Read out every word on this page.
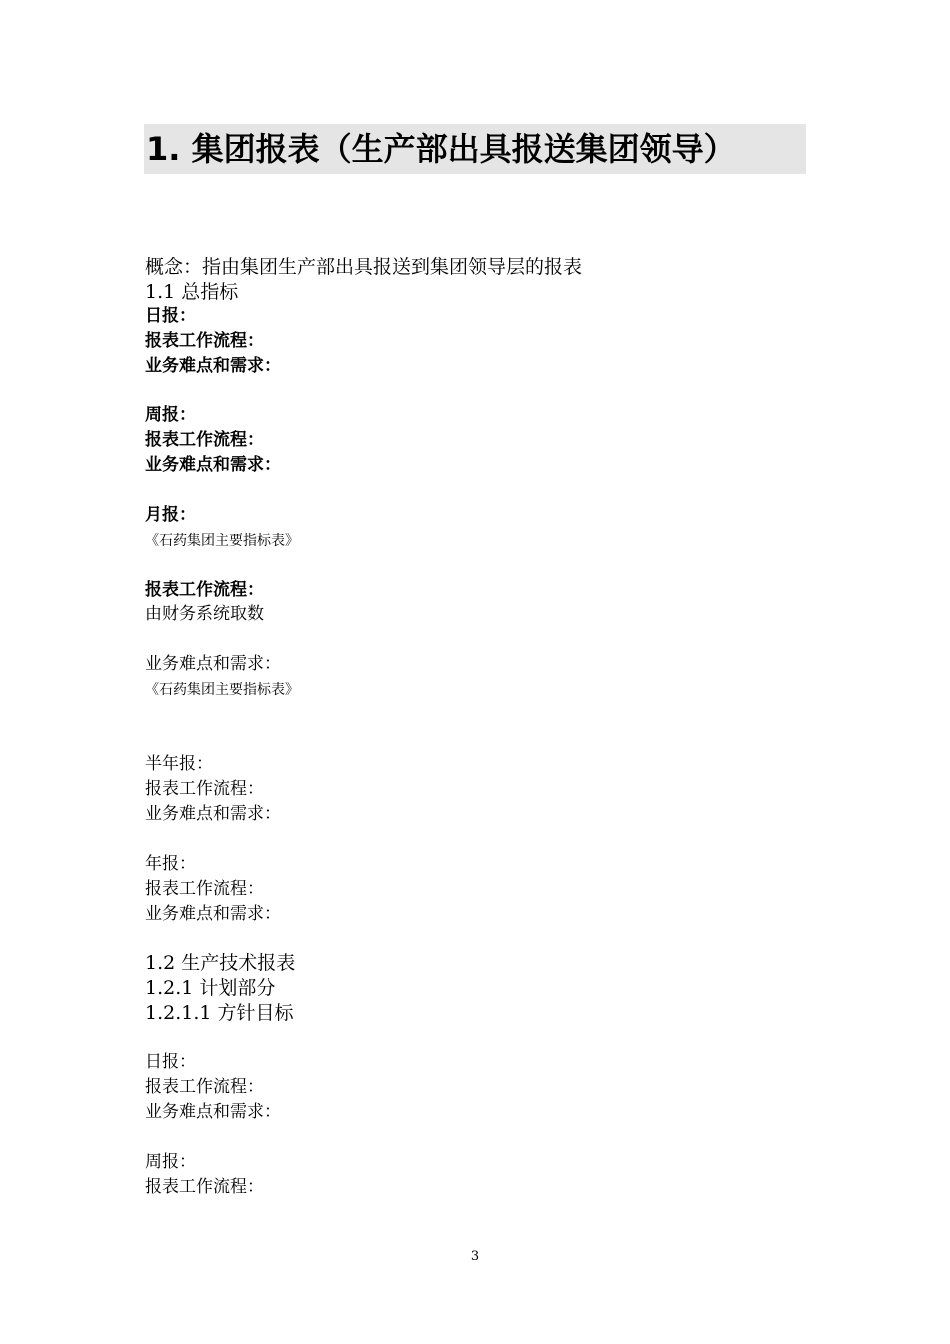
1. 集团报表（生产部出具报送集团领导）
概念：指由集团生产部出具报送到集团领导层的报表
1.1 总指标
日报：
报表工作流程：
业务难点和需求：
周报：
报表工作流程：
业务难点和需求：
月报：
《石药集团主要指标表》
报表工作流程：
由财务系统取数
业务难点和需求：
《石药集团主要指标表》
半年报：
报表工作流程：
业务难点和需求：
年报：
报表工作流程：
业务难点和需求：
1.2 生产技术报表
1.2.1 计划部分
1.2.1.1 方针目标
日报：
报表工作流程：
业务难点和需求：
周报：
报表工作流程：
3
